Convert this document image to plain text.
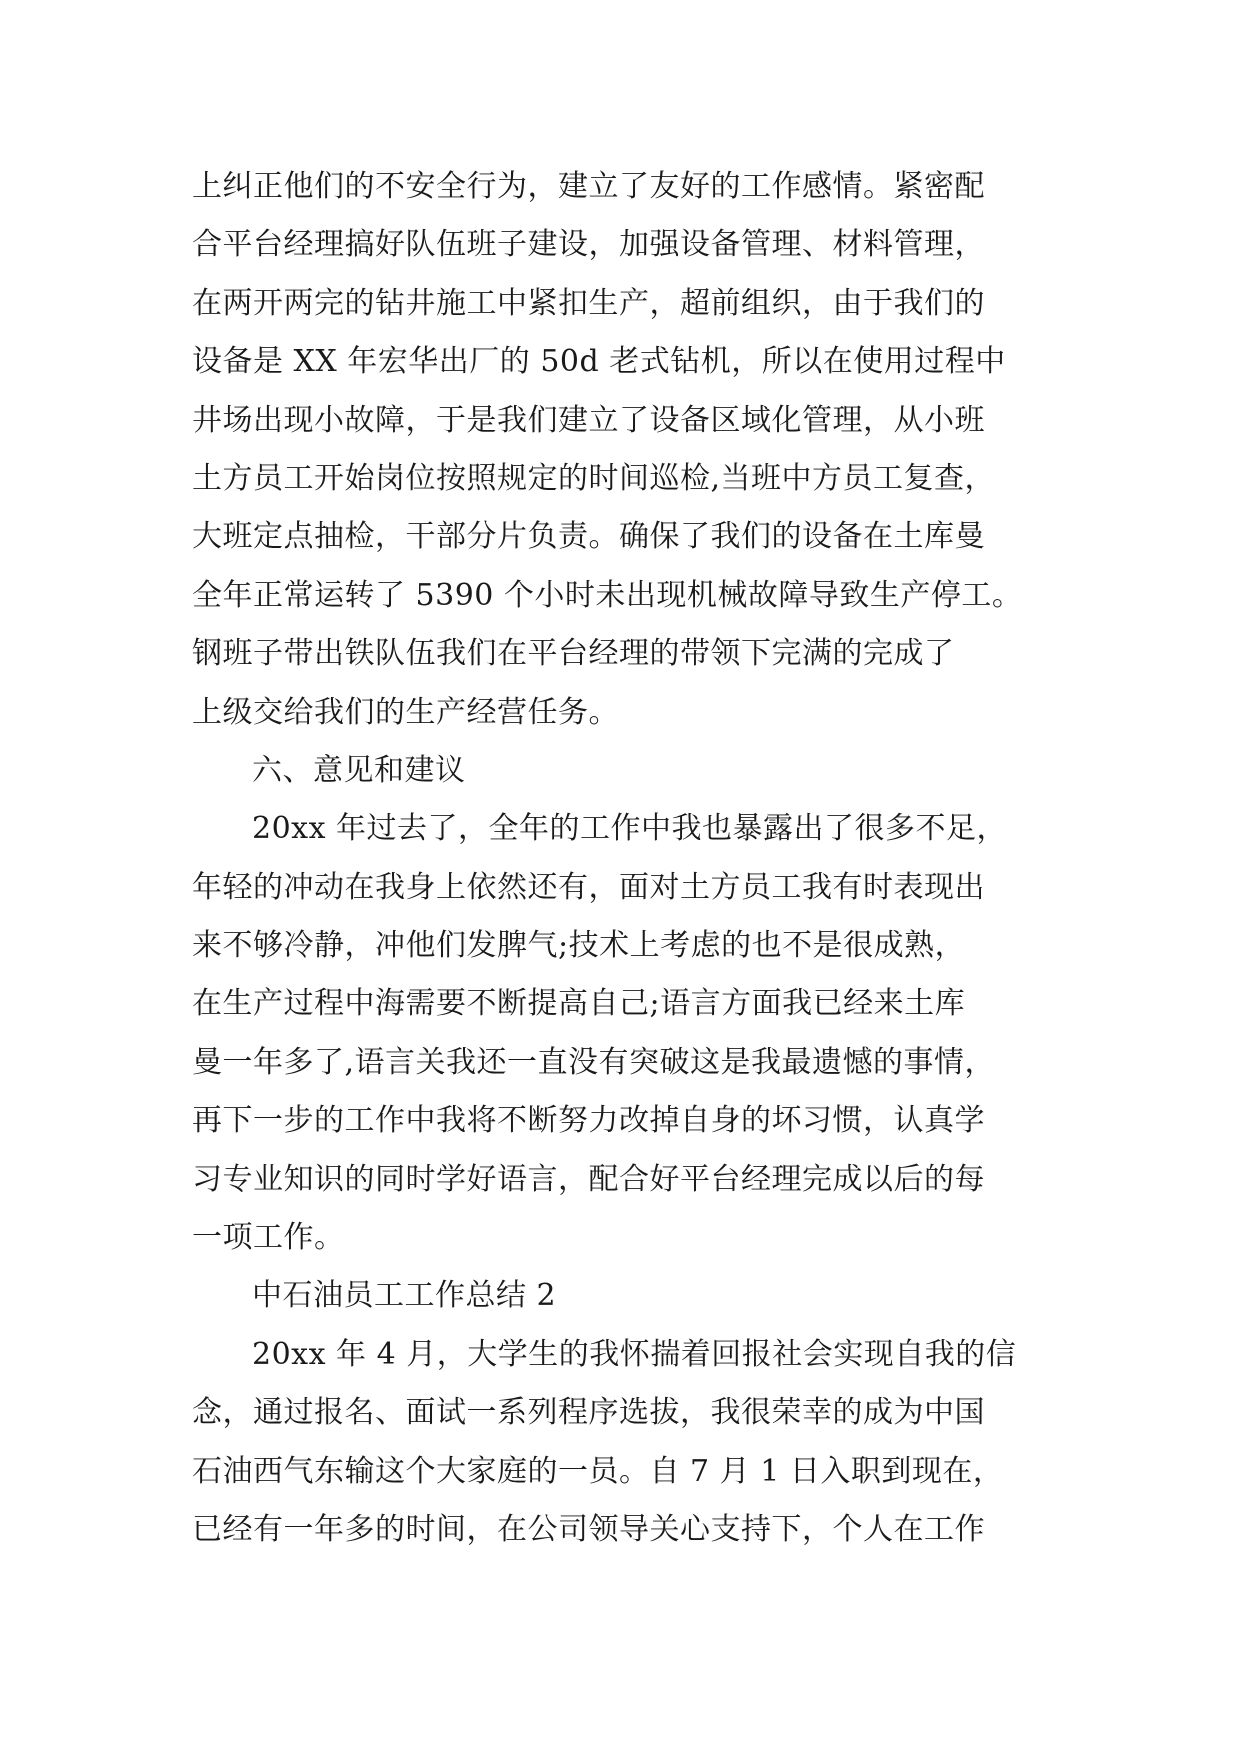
上纠正他们的不安全行为，建立了友好的工作感情。紧密配
合平台经理搞好队伍班子建设，加强设备管理、材料管理，
在两开两完的钻井施工中紧扣生产，超前组织，由于我们的
设备是 XX 年宏华出厂的 50d 老式钻机，所以在使用过程中
井场出现小故障，于是我们建立了设备区域化管理，从小班
土方员工开始岗位按照规定的时间巡检,当班中方员工复查，
大班定点抽检，干部分片负责。确保了我们的设备在土库曼
全年正常运转了 5390 个小时未出现机械故障导致生产停工。
钢班子带出铁队伍我们在平台经理的带领下完满的完成了
上级交给我们的生产经营任务。
六、意见和建议
20xx 年过去了，全年的工作中我也暴露出了很多不足，
年轻的冲动在我身上依然还有，面对土方员工我有时表现出
来不够冷静，冲他们发脾气;技术上考虑的也不是很成熟，
在生产过程中海需要不断提高自己;语言方面我已经来土库
曼一年多了,语言关我还一直没有突破这是我最遗憾的事情，
再下一步的工作中我将不断努力改掉自身的坏习惯，认真学
习专业知识的同时学好语言，配合好平台经理完成以后的每
一项工作。
中石油员工工作总结 2
20xx 年 4 月，大学生的我怀揣着回报社会实现自我的信
念，通过报名、面试一系列程序选拔，我很荣幸的成为中国
石油西气东输这个大家庭的一员。自 7 月 1 日入职到现在，
已经有一年多的时间，在公司领导关心支持下，个人在工作
